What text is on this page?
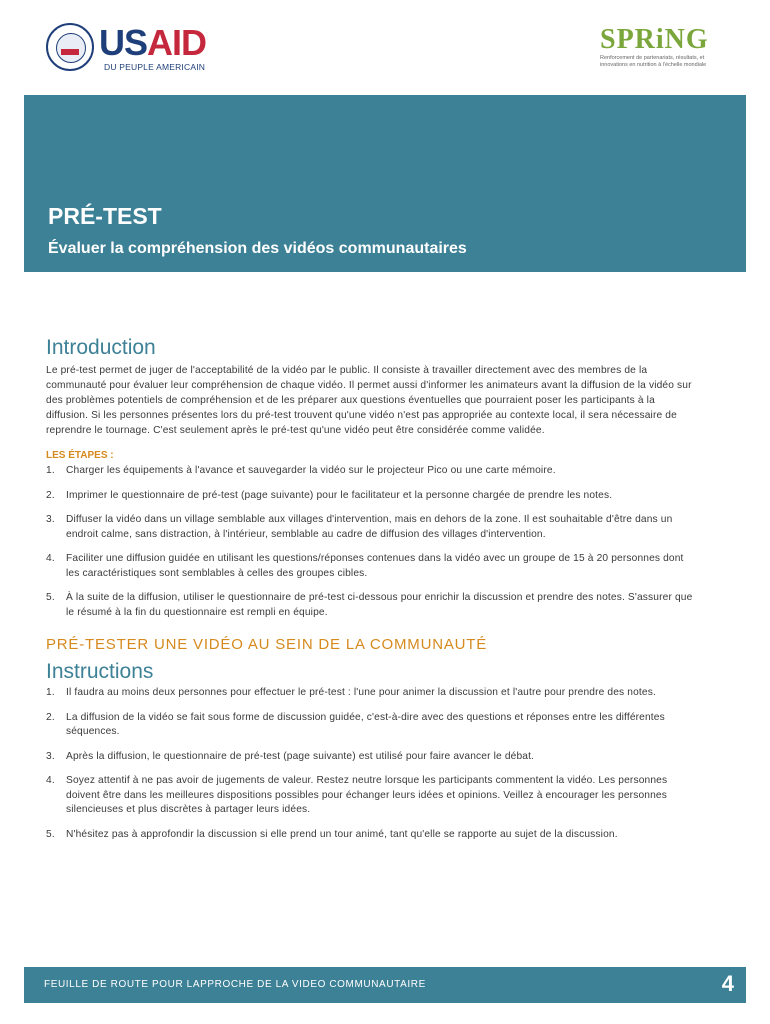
USAID
DU PEUPLE AMERICAIN
SPRiNG
Renforcement de partenariats, résultats, et innovations en nutrition à l'échelle mondiale
PRÉ-TEST
Évaluer la compréhension des vidéos communautaires
Introduction

Le pré-test permet de juger de l'acceptabilité de la vidéo par le public. Il consiste à travailler directement avec des membres de la communauté pour évaluer leur compréhension de chaque vidéo. Il permet aussi d'informer les animateurs avant la diffusion de la vidéo sur des problèmes potentiels de compréhension et de les préparer aux questions éventuelles que pourraient poser les participants à la diffusion. Si les personnes présentes lors du pré-test trouvent qu'une vidéo n'est pas appropriée au contexte local, il sera nécessaire de reprendre le tournage. C'est seulement après le pré-test qu'une vidéo peut être considérée comme validée.

LES ÉTAPES :
1. Charger les équipements à l'avance et sauvegarder la vidéo sur le projecteur Pico ou une carte mémoire.
2. Imprimer le questionnaire de pré-test (page suivante) pour le facilitateur et la personne chargée de prendre les notes.
3. Diffuser la vidéo dans un village semblable aux villages d'intervention, mais en dehors de la zone. Il est souhaitable d'être dans un endroit calme, sans distraction, à l'intérieur, semblable au cadre de diffusion des villages d'intervention.
4. Faciliter une diffusion guidée en utilisant les questions/réponses contenues dans la vidéo avec un groupe de 15 à 20 personnes dont les caractéristiques sont semblables à celles des groupes cibles.
5. À la suite de la diffusion, utiliser le questionnaire de pré-test ci-dessous pour enrichir la discussion et prendre des notes. S'assurer que le résumé à la fin du questionnaire est rempli en équipe.
PRÉ-TESTER UNE VIDÉO AU SEIN DE LA COMMUNAUTÉ
Instructions
1. Il faudra au moins deux personnes pour effectuer le pré-test : l'une pour animer la discussion et l'autre pour prendre des notes.
2. La diffusion de la vidéo se fait sous forme de discussion guidée, c'est-à-dire avec des questions et réponses entre les différentes séquences.
3. Après la diffusion, le questionnaire de pré-test (page suivante) est utilisé pour faire avancer le débat.
4. Soyez attentif à ne pas avoir de jugements de valeur. Restez neutre lorsque les participants commentent la vidéo. Les personnes doivent être dans les meilleures dispositions possibles pour échanger leurs idées et opinions. Veillez à encourager les personnes silencieuses et plus discrètes à partager leurs idées.
5. N'hésitez pas à approfondir la discussion si elle prend un tour animé, tant qu'elle se rapporte au sujet de la discussion.
FEUILLE DE ROUTE POUR LAPPROCHE DE LA VIDEO COMMUNAUTAIRE	4
